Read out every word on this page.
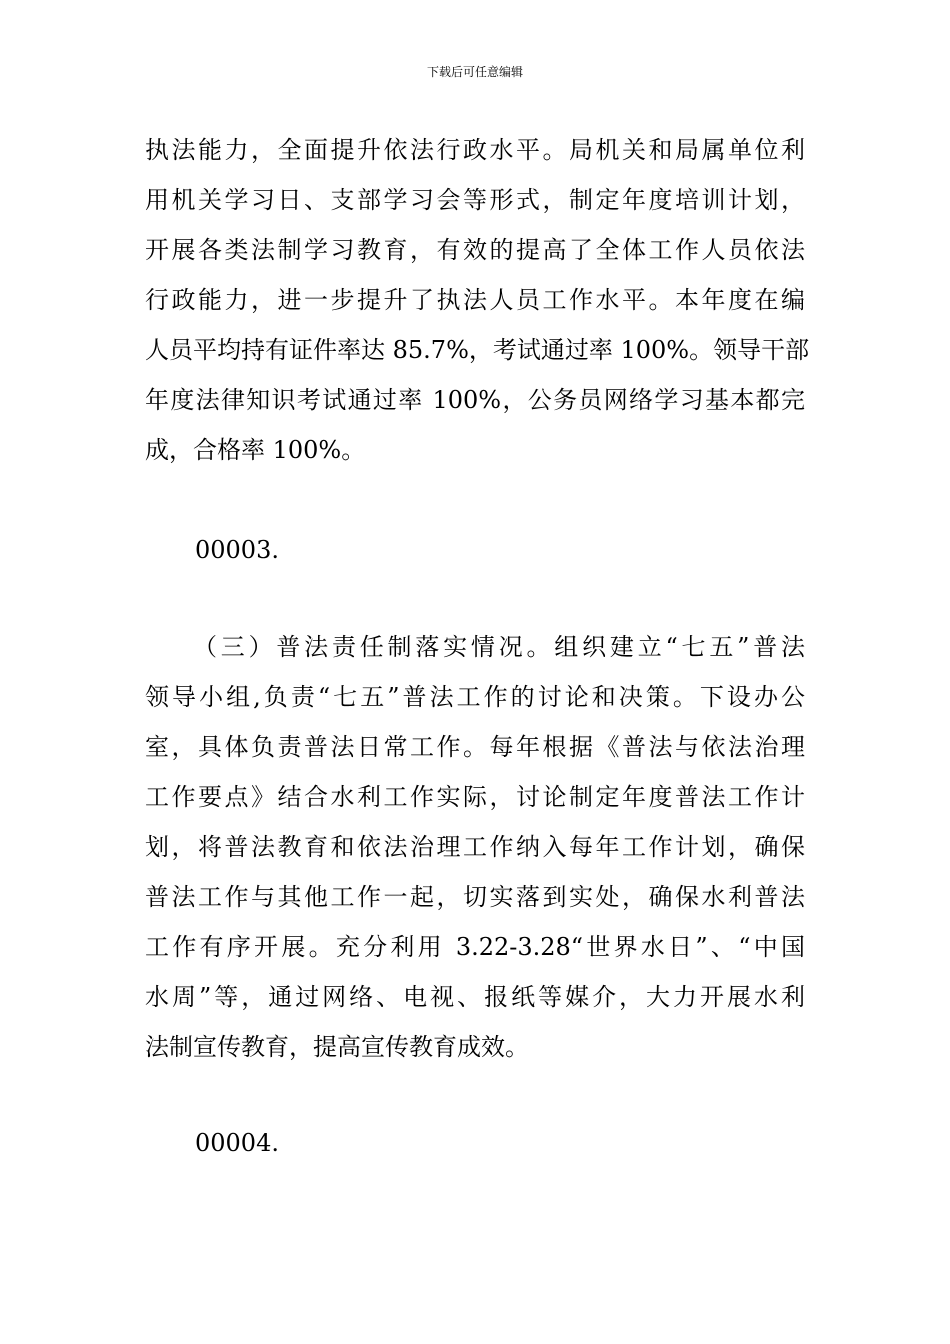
下载后可任意编辑
执法能力，全面提升依法行政水平。局机关和局属单位利
用机关学习日、支部学习会等形式，制定年度培训计划，
开展各类法制学习教育，有效的提高了全体工作人员依法
行政能力，进一步提升了执法人员工作水平。本年度在编
人员平均持有证件率达 85.7%，考试通过率 100%。领导干部
年度法律知识考试通过率 100%，公务员网络学习基本都完
成，合格率 100%。

00003.

（三）普法责任制落实情况。组织建立“七五”普法
领导小组,负责“七五”普法工作的讨论和决策。下设办公
室，具体负责普法日常工作。每年根据《普法与依法治理
工作要点》结合水利工作实际，讨论制定年度普法工作计
划，将普法教育和依法治理工作纳入每年工作计划，确保
普法工作与其他工作一起，切实落到实处，确保水利普法
工作有序开展。充分利用 3.22-3.28“世界水日”、“中国
水周”等，通过网络、电视、报纸等媒介，大力开展水利
法制宣传教育，提高宣传教育成效。

00004.
